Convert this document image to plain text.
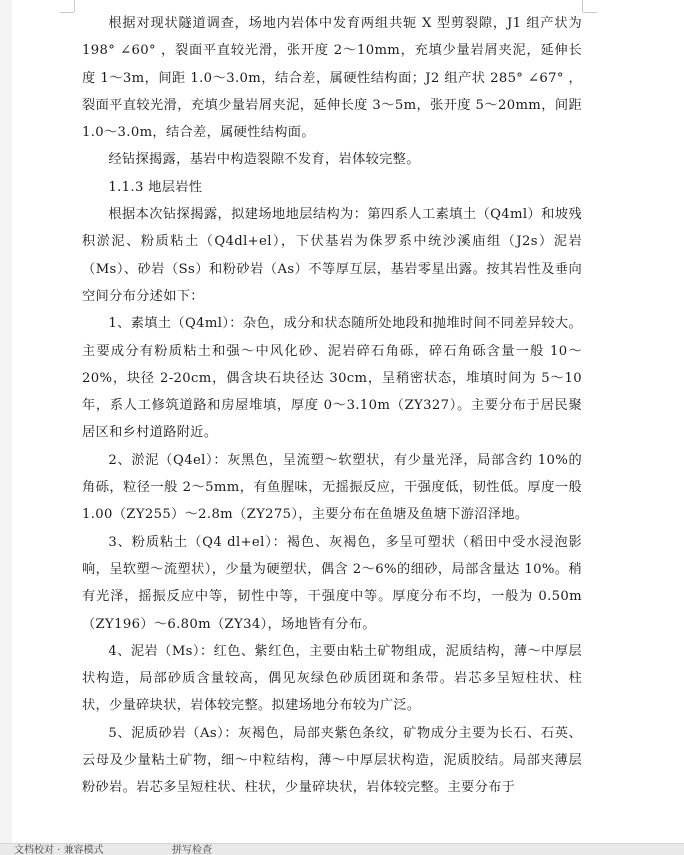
根据对现状隧道调查，场地内岩体中发育两组共轭 X 型剪裂隙，J1 组产状为 198° ∠60° ，裂面平直较光滑，张开度 2～10mm，充填少量岩屑夹泥，延伸长度 1～3m，间距 1.0～3.0m，结合差，属硬性结构面；J2 组产状 285° ∠67° ，裂面平直较光滑，充填少量岩屑夹泥，延伸长度 3～5m，张开度 5～20mm，间距 1.0～3.0m，结合差，属硬性结构面。

经钻探揭露，基岩中构造裂隙不发育，岩体较完整。

1.1.3 地层岩性

根据本次钻探揭露，拟建场地地层结构为：第四系人工素填土（Q4ml）和坡残积淤泥、粉质粘土（Q4dl+el），下伏基岩为侏罗系中统沙溪庙组（J2s）泥岩（Ms）、砂岩（Ss）和粉砂岩（As）不等厚互层，基岩零星出露。按其岩性及垂向空间分布分述如下：

1、素填土（Q4ml）：杂色，成分和状态随所处地段和抛堆时间不同差异较大。主要成分有粉质粘土和强～中风化砂、泥岩碎石角砾，碎石角砾含量一般 10～20%，块径 2-20cm，偶含块石块径达 30cm，呈稍密状态，堆填时间为 5～10年，系人工修筑道路和房屋堆填，厚度 0～3.10m（ZY327）。主要分布于居民聚居区和乡村道路附近。

2、淤泥（Q4el）：灰黑色，呈流塑～软塑状，有少量光泽，局部含约 10%的角砾，粒径一般 2～5mm，有鱼腥味，无摇振反应，干强度低，韧性低。厚度一般 1.00（ZY255）～2.8m（ZY275），主要分布在鱼塘及鱼塘下游沼泽地。

3、粉质粘土（Q4 dl+el）：褐色、灰褐色，多呈可塑状（稻田中受水浸泡影响，呈软塑～流塑状），少量为硬塑状，偶含 2～6%的细砂，局部含量达 10%。稍有光泽，摇振反应中等，韧性中等，干强度中等。厚度分布不均，一般为 0.50m（ZY196）～6.80m（ZY34），场地皆有分布。

4、泥岩（Ms）：红色、紫红色，主要由粘土矿物组成，泥质结构，薄～中厚层状构造，局部砂质含量较高，偶见灰绿色砂质团斑和条带。岩芯多呈短柱状、柱状，少量碎块状，岩体较完整。拟建场地分布较为广泛。

5、泥质砂岩（As）：灰褐色，局部夹紫色条纹，矿物成分主要为长石、石英、云母及少量粘土矿物，细～中粒结构，薄～中厚层状构造，泥质胶结。局部夹薄层粉砂岩。岩芯多呈短柱状、柱状，少量碎块状，岩体较完整。主要分布于

文档校对 · 兼容模式	拼写检查
